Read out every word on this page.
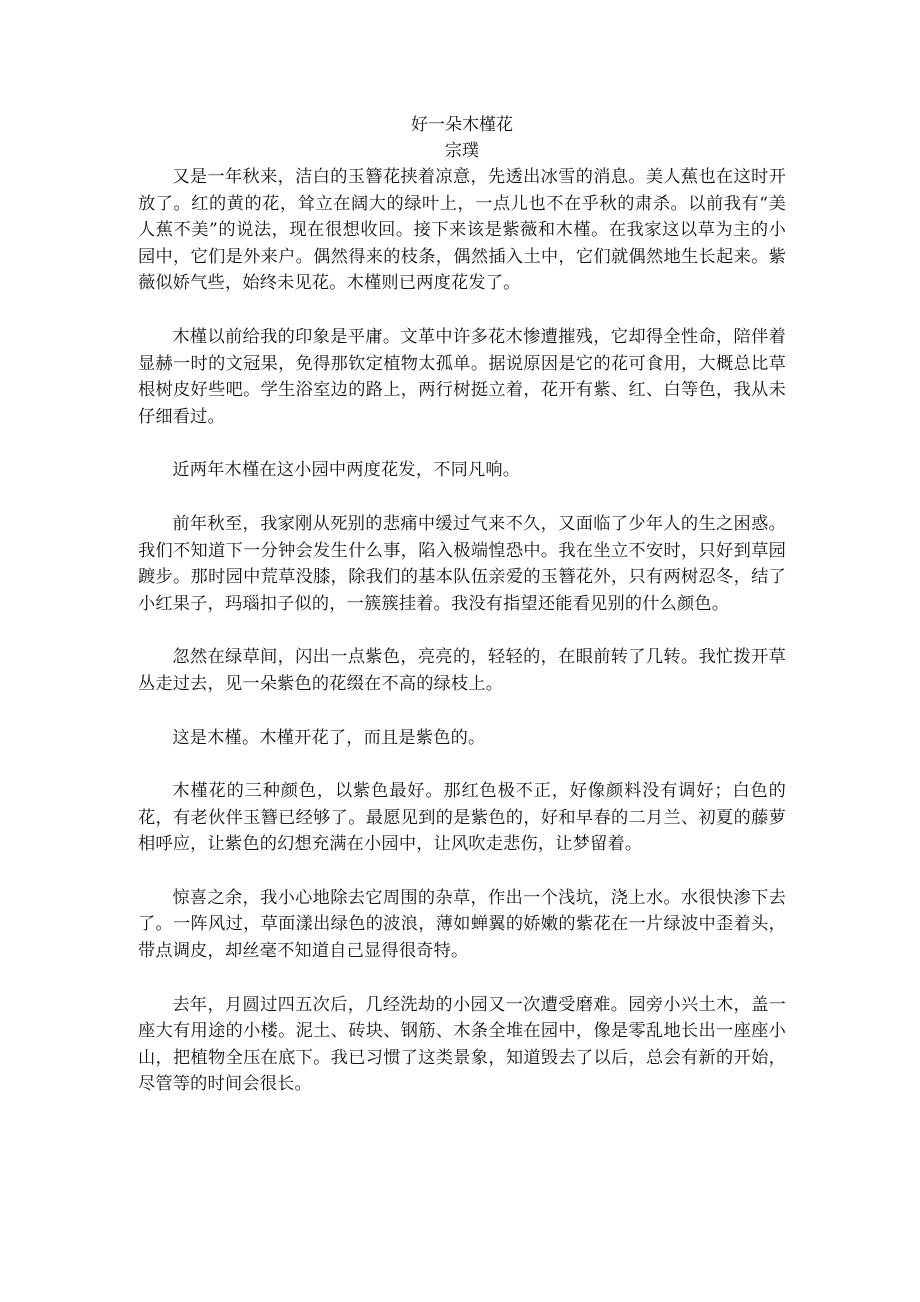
好一朵木槿花

宗璞

又是一年秋来，洁白的玉簪花挟着凉意，先透出冰雪的消息。美人蕉也在这时开放了。红的黄的花，耸立在阔大的绿叶上，一点儿也不在乎秋的肃杀。以前我有“美人蕉不美”的说法，现在很想收回。接下来该是紫薇和木槿。在我家这以草为主的小园中，它们是外来户。偶然得来的枝条，偶然插入土中，它们就偶然地生长起来。紫薇似娇气些，始终未见花。木槿则已两度花发了。

木槿以前给我的印象是平庸。文革中许多花木惨遭摧残，它却得全性命，陪伴着显赫一时的文冠果，免得那钦定植物太孤单。据说原因是它的花可食用，大概总比草根树皮好些吧。学生浴室边的路上，两行树挺立着，花开有紫、红、白等色，我从未仔细看过。

近两年木槿在这小园中两度花发，不同凡响。

前年秋至，我家刚从死别的悲痛中缓过气来不久，又面临了少年人的生之困惑。我们不知道下一分钟会发生什么事，陷入极端惶恐中。我在坐立不安时，只好到草园踱步。那时园中荒草没膝，除我们的基本队伍亲爱的玉簪花外，只有两树忍冬，结了小红果子，玛瑙扣子似的，一簇簇挂着。我没有指望还能看见别的什么颜色。

忽然在绿草间，闪出一点紫色，亮亮的，轻轻的，在眼前转了几转。我忙拨开草丛走过去，见一朵紫色的花缀在不高的绿枝上。

这是木槿。木槿开花了，而且是紫色的。

木槿花的三种颜色，以紫色最好。那红色极不正，好像颜料没有调好；白色的花，有老伙伴玉簪已经够了。最愿见到的是紫色的，好和早春的二月兰、初夏的藤萝相呼应，让紫色的幻想充满在小园中，让风吹走悲伤，让梦留着。

惊喜之余，我小心地除去它周围的杂草，作出一个浅坑，浇上水。水很快渗下去了。一阵风过，草面漾出绿色的波浪，薄如蝉翼的娇嫩的紫花在一片绿波中歪着头，带点调皮，却丝毫不知道自己显得很奇特。

去年，月圆过四五次后，几经洗劫的小园又一次遭受磨难。园旁小兴土木，盖一座大有用途的小楼。泥土、砖块、钢筋、木条全堆在园中，像是零乱地长出一座座小山，把植物全压在底下。我已习惯了这类景象，知道毁去了以后，总会有新的开始，尽管等的时间会很长。
